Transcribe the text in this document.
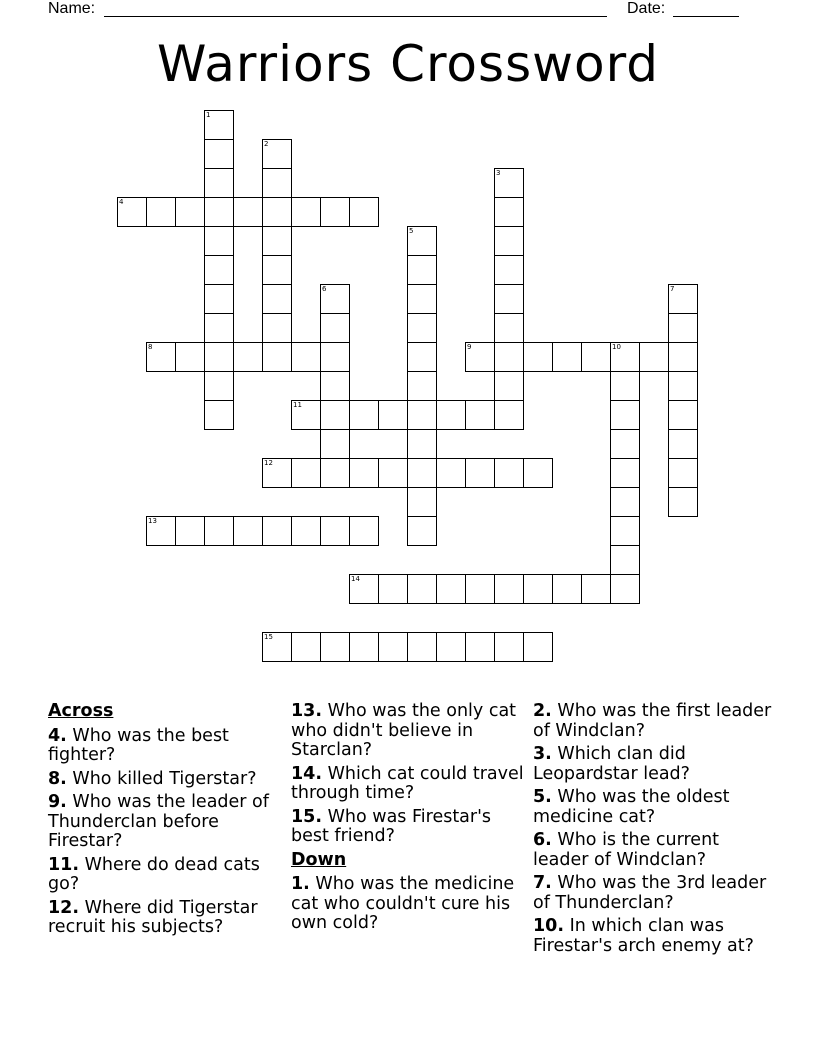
Name:	Date:
Warriors Crossword
1
2
3
4
5
6	7
8	9	10
11
12
13
14
15
Across
4. Who was the best fighter?
8. Who killed Tigerstar?
9. Who was the leader of Thunderclan before Firestar?
11. Where do dead cats go?
12. Where did Tigerstar recruit his subjects?
13. Who was the only cat who didn't believe in Starclan?
14. Which cat could travel through time?
15. Who was Firestar's best friend?
Down
1. Who was the medicine cat who couldn't cure his own cold?
2. Who was the first leader of Windclan?
3. Which clan did Leopardstar lead?
5. Who was the oldest medicine cat?
6. Who is the current leader of Windclan?
7. Who was the 3rd leader of Thunderclan?
10. In which clan was Firestar's arch enemy at?
